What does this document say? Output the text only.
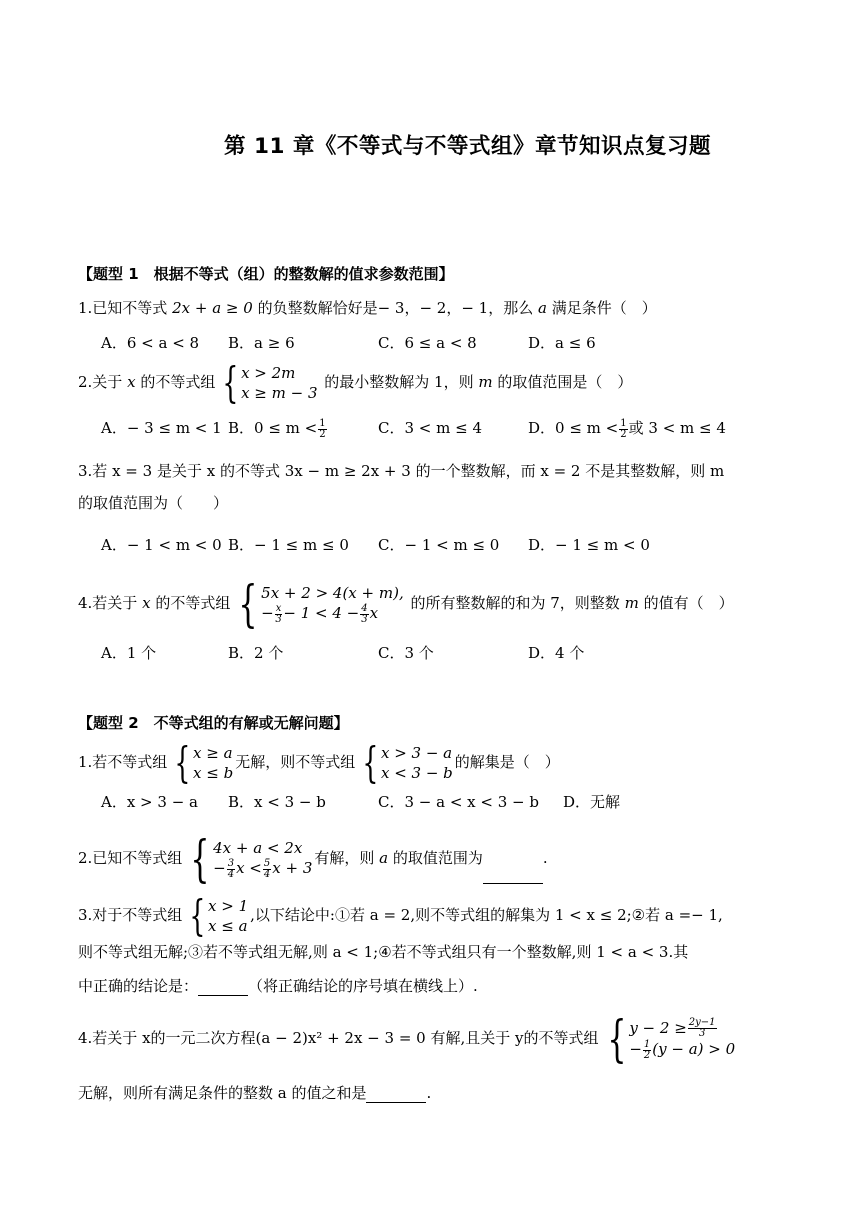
第 11 章《不等式与不等式组》章节知识点复习题
【题型 1　根据不等式（组）的整数解的值求参数范围】
1.已知不等式 2x + a ≥ 0 的负整数解恰好是− 3，− 2，− 1，那么 a 满足条件（　）
A．6 < a < 8 B．a ≥ 6	C．6 ≤ a < 8	D．a ≤ 6
2.关于 x 的不等式组 { x > 2m
x ≥ m − 3
的最小整数解为 1，则 m 的取值范围是（　）
A．− 3 ≤ m < 1 B．$0 \le m < \frac{1}{2}$	C．3 < m ≤ 4	D．$0 \le m < \frac{1}{2}$ 或 3 < m ≤ 4
3.若 x = 3 是关于 x 的不等式 3x − m ≥ 2x + 3 的一个整数解，而 x = 2 不是其整数解，则 m
的取值范围为（　　）
A．− 1 < m < 0 B．− 1 ≤ m ≤ 0 C．− 1 < m ≤ 0 D．− 1 ≤ m < 0
4.若关于 x 的不等式组 { 5x + 2 > 4(x + m),
− $\frac{x}{3} - 1 < 4 - \frac{4}{3}$ x
的所有整数解的和为 7，则整数 m 的值有（　）
A．1 个	B．2 个	C．3 个	D．4 个
【题型 2　不等式组的有解或无解问题】
1.若不等式组 { x ≥ a
x ≤ b
无解，则不等式组 { x > 3 − a
x < 3 − b
的解集是（　）
A．x > 3 − a B．x < 3 − b	C．3 − a < x < 3 − b D．无解
2.已知不等式组 { 4x + a < 2x
− $\frac{3}{4}$ $x < \frac{5}{4}$ x + 3
有解，则 a 的取值范围为	.
3.对于不等式组 { x > 1
x ≤ a
,以下结论中:①若 a = 2,则不等式组的解集为 1 < x ≤ 2;②若 a =− 1,
则不等式组无解;③若不等式组无解,则 a < 1;④若不等式组只有一个整数解,则 1 < a < 3.其
中正确的结论是：	（将正确结论的序号填在横线上）.
4.若关于 x的一元二次方程(a − 2)x² + 2x − 3 = 0 有解,且关于 y的不等式组 { $y - 2 \ge \frac{2y-1}{3}$
− $\frac{1}{2} (y - a) > 0$
无解，则所有满足条件的整数 a 的值之和是	.
